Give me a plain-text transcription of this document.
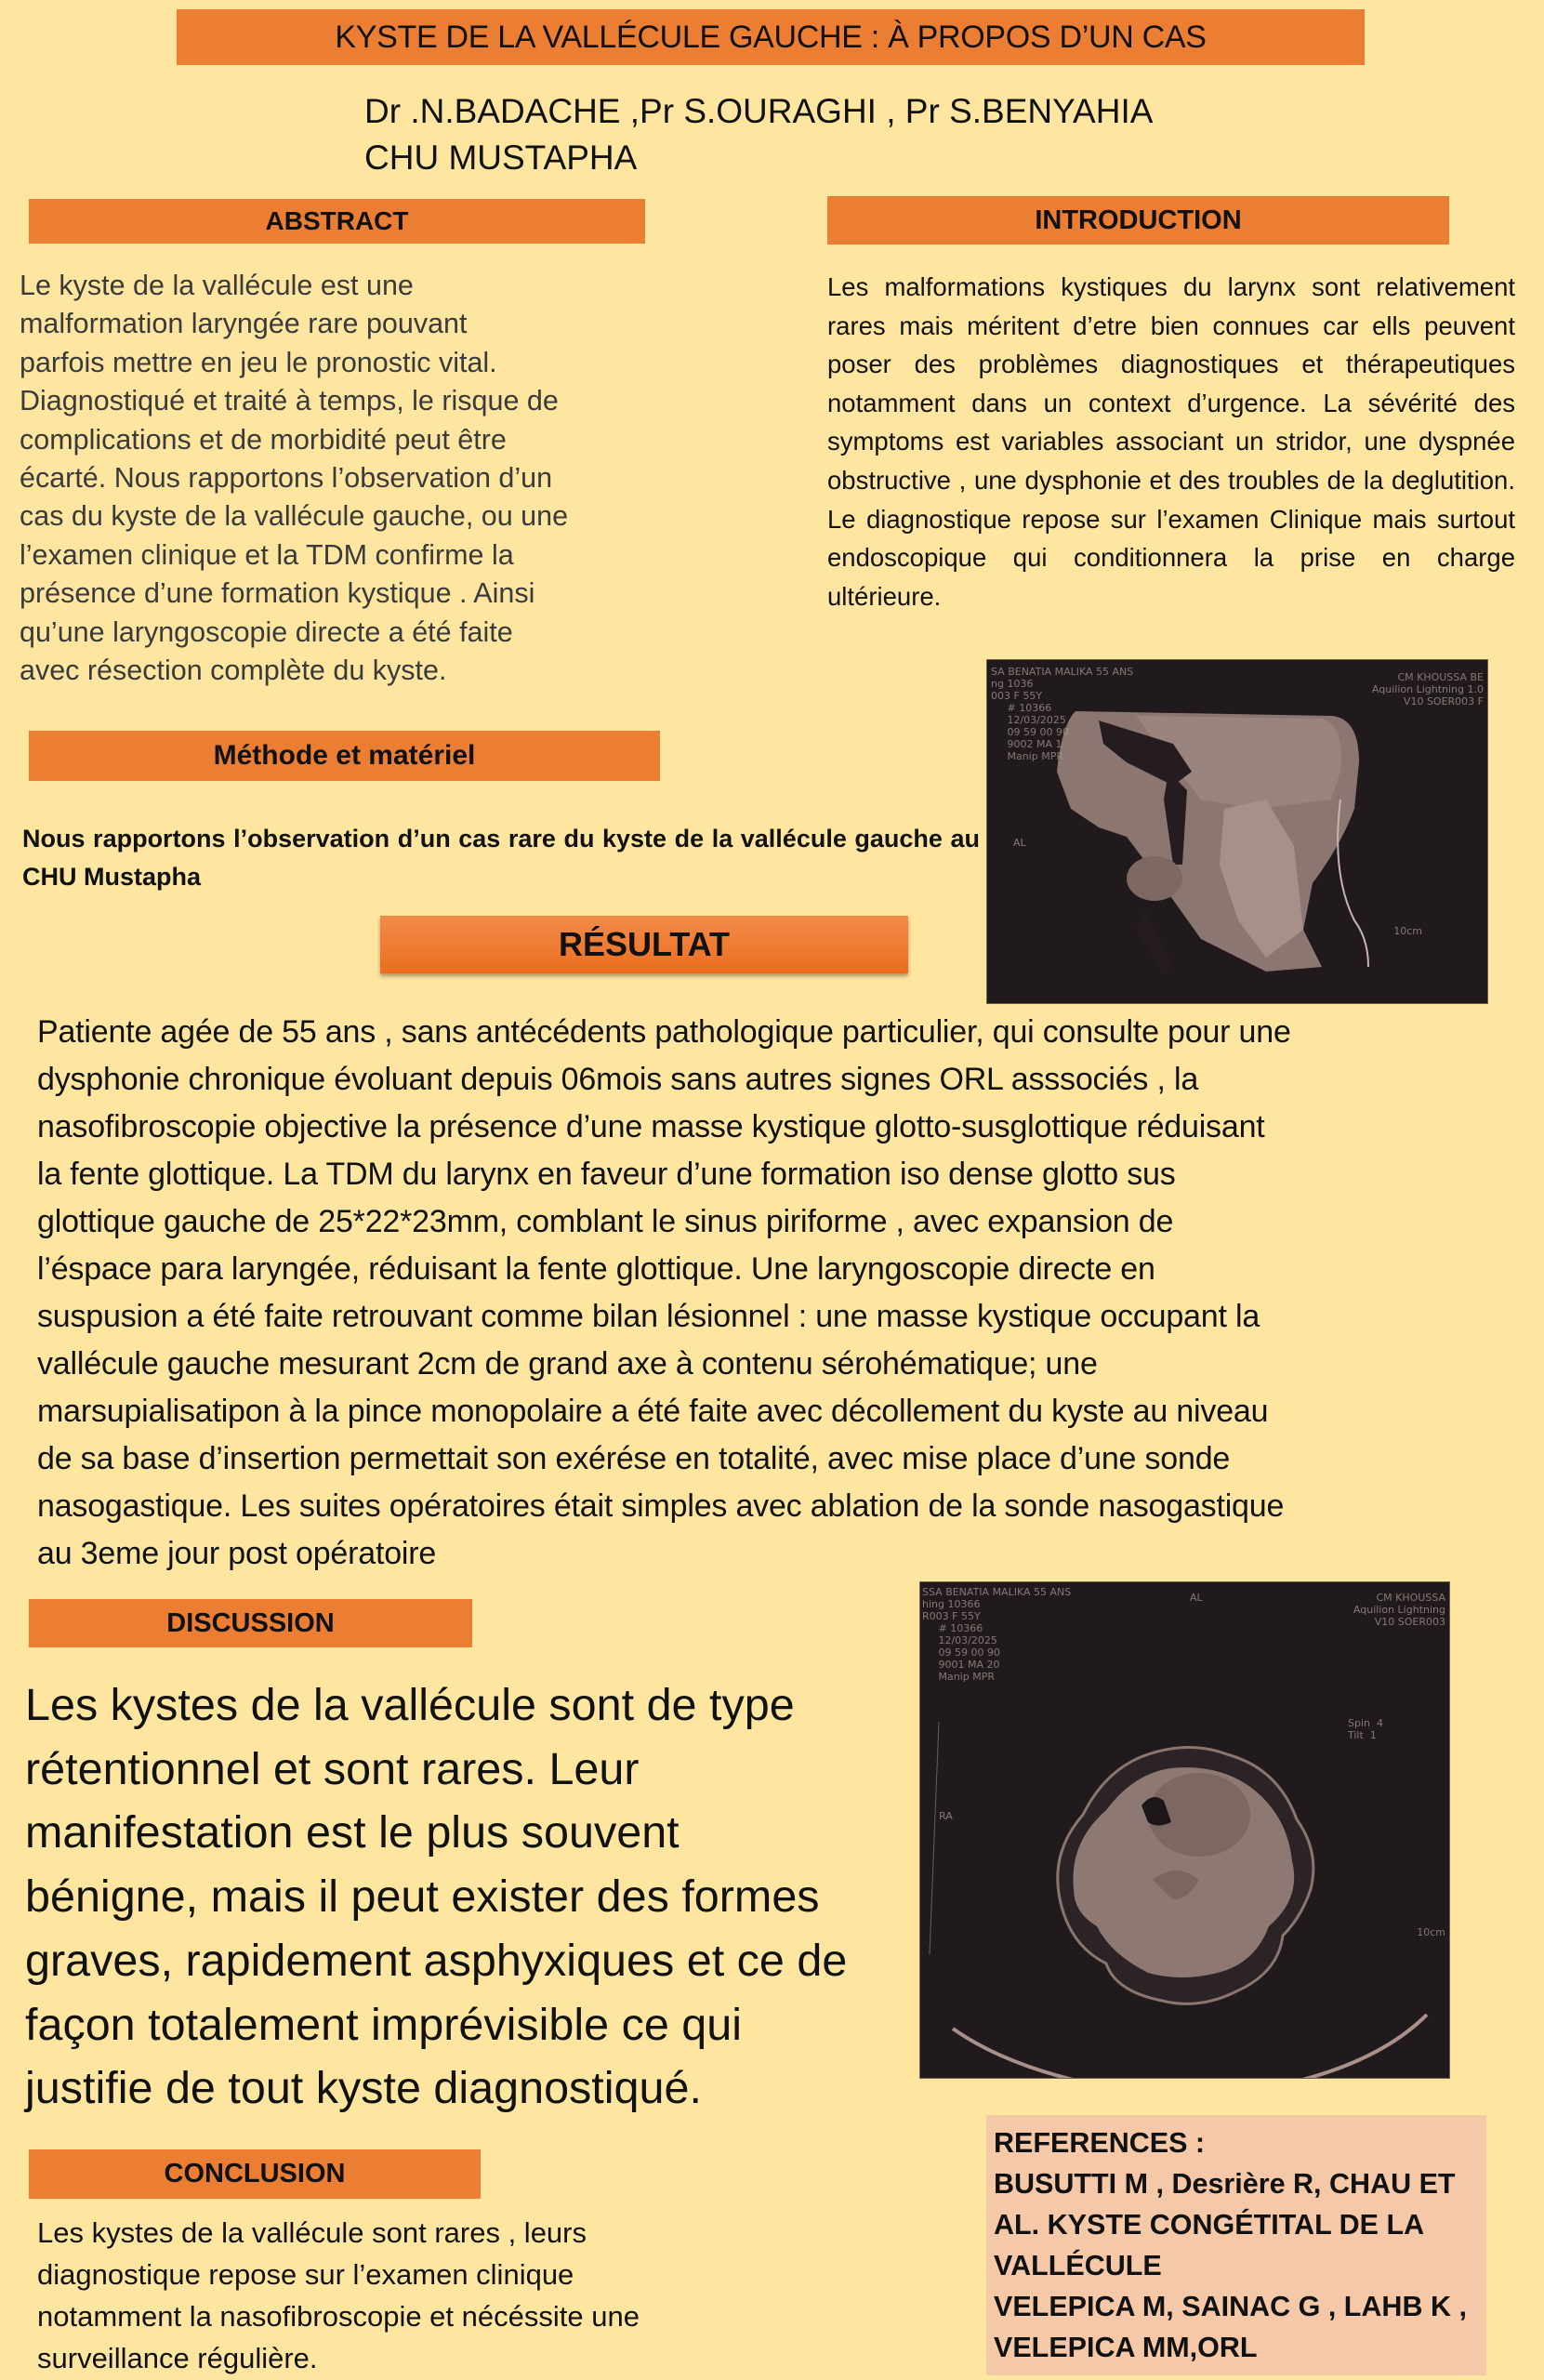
KYSTE DE LA VALLÉCULE GAUCHE : À PROPOS D’UN CAS
Dr .N.BADACHE ,Pr S.OURAGHI , Pr S.BENYAHIA
CHU MUSTAPHA
ABSTRACT
Le kyste de la vallécule est une
malformation laryngée rare pouvant
parfois mettre en jeu le pronostic vital.
Diagnostiqué et traité à temps, le risque de
complications et de morbidité peut être
écarté. Nous rapportons l’observation d’un
cas du kyste de la vallécule gauche, ou une
l’examen clinique et la TDM confirme la
présence d’une formation kystique . Ainsi
qu’une laryngoscopie directe a été faite
avec résection complète du kyste.
INTRODUCTION
Les malformations kystiques du larynx sont relativement rares mais méritent d’etre bien connues car ells peuvent poser des problèmes diagnostiques et thérapeutiques notamment dans un context d’urgence. La sévérité des symptoms est variables associant un stridor, une dyspnée obstructive , une dysphonie et des troubles de la deglutition. Le diagnostique repose sur l’examen Clinique mais surtout endoscopique qui conditionnera la prise en charge ultérieure.
SA BENATIA MALIKA 55 ANS
ng 1036
003 F 55Y
# 10366
12/03/2025
09 59 00 90
9002 MA 1
Manip MPR
CM KHOUSSA BE
Aquilion Lightning 1.0
V10 SOER003 F
AL
10cm
Méthode et matériel
Nous rapportons l’observation d’un cas rare du kyste de la vallécule gauche au CHU Mustapha
RÉSULTAT
Patiente agée de 55 ans , sans antécédents pathologique particulier, qui consulte pour une
dysphonie chronique évoluant depuis 06mois sans autres signes ORL asssociés , la
nasofibroscopie objective la présence d’une masse kystique glotto-susglottique réduisant
la fente glottique. La TDM du larynx en faveur d’une formation iso dense glotto sus
glottique gauche de 25*22*23mm, comblant le sinus piriforme , avec expansion de
l’éspace para laryngée, réduisant la fente glottique. Une laryngoscopie directe en
suspusion a été faite retrouvant comme bilan lésionnel : une masse kystique occupant la
vallécule gauche mesurant 2cm de grand axe à contenu sérohématique; une
marsupialisatipon à la pince monopolaire a été faite avec décollement du kyste au niveau
de sa base d’insertion permettait son exérése en totalité, avec mise place d’une sonde
nasogastique. Les suites opératoires était simples avec ablation de la sonde nasogastique
au 3eme jour post opératoire
DISCUSSION
Les kystes de la vallécule sont de type
rétentionnel et sont rares. Leur
manifestation est le plus souvent
bénigne, mais il peut exister des formes
graves, rapidement asphyxiques et ce de
façon totalement imprévisible ce qui
justifie de tout kyste diagnostiqué.
SSA BENATIA MALIKA 55 ANS
hing 10366
R003 F 55Y
# 10366
12/03/2025
09 59 00 90
9001 MA 20
Manip MPR
CM KHOUSSA
Aquilion Lightning
V10 SOER003
AL
RA
Spin  4
Tilt  1
10cm
CONCLUSION
Les kystes de la vallécule sont rares , leurs
diagnostique repose sur l’examen clinique
notamment la nasofibroscopie et nécéssite une
surveillance régulière.
REFERENCES :
BUSUTTI M , Desrière R, CHAU ET
AL. KYSTE CONGÉTITAL DE LA
VALLÉCULE
VELEPICA M, SAINAC G , LAHB K ,
VELEPICA MM,ORL
